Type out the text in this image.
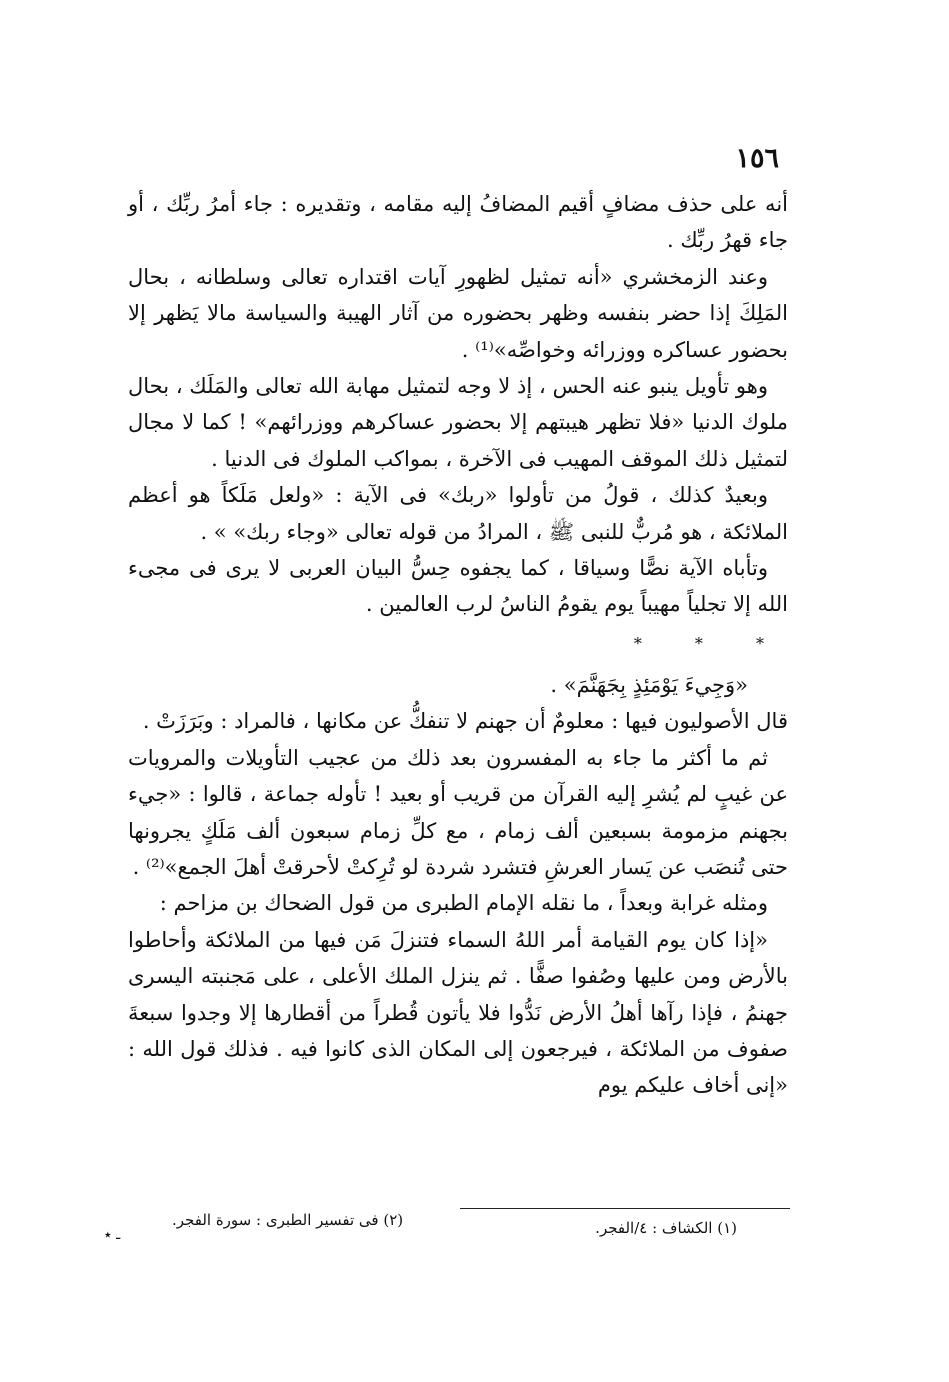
١٥٦

أنه على حذف مضافٍ أقيم المضافُ إليه مقامه ، وتقديره : جاء أمرُ ربِّك ، أو جاء قهرُ ربِّك .

وعند الزمخشري «أنه تمثيل لظهورِ آيات اقتداره تعالى وسلطانه ، بحال المَلِكَ إذا حضر بنفسه وظهر بحضوره من آثار الهيبة والسياسة مالا يَظهر إلا بحضور عساكره ووزرائه وخواصِّه»⁽¹⁾ .

وهو تأويل ينبو عنه الحس ، إذ لا وجه لتمثيل مهابة الله تعالى والمَلَك ، بحال ملوك الدنيا «فلا تظهر هيبتهم إلا بحضور عساكرهم ووزرائهم» ! كما لا مجال لتمثيل ذلك الموقف المهيب فى الآخرة ، بمواكب الملوك فى الدنيا .

وبعيدٌ كذلك ، قولُ من تأولوا «ربك» فى الآية : «ولعل مَلَكاً هو أعظم الملائكة ، هو مُربٌّ للنبى ﷺ ، المرادُ من قوله تعالى «وجاء ربك» » .

وتأباه الآية نصًّا وسياقا ، كما يجفوه حِسُّ البيان العربى لا يرى فى مجىء الله إلا تجلياً مهيباً يوم يقومُ الناسُ لرب العالمين .

* * *

«وَجِيءَ يَوْمَئِذٍ بِجَهَنَّمَ» .

قال الأصوليون فيها : معلومٌ أن جهنم لا تنفكُّ عن مكانها ، فالمراد : وبَرَزَتْ .

ثم ما أكثر ما جاء به المفسرون بعد ذلك من عجيب التأويلات والمرويات عن غيبٍ لم يُشرِ إليه القرآن من قريب أو بعيد ! تأوله جماعة ، قالوا : «جيء بجهنم مزمومة بسبعين ألف زمام ، مع كلِّ زمام سبعون ألف مَلَكٍ يجرونها حتى تُنصَب عن يَسار العرشِ فتشرد شردة لو تُرِكتْ لأحرقتْ أهلَ الجمع»⁽²⁾ .

ومثله غرابة وبعداً ، ما نقله الإمام الطبرى من قول الضحاك بن مزاحم :

«إذا كان يوم القيامة أمر اللهُ السماء فتنزلَ مَن فيها من الملائكة وأحاطوا بالأرض ومن عليها وصُفوا صفًّا . ثم ينزل الملك الأعلى ، على مَجنبته اليسرى جهنمُ ، فإذا رآها أهلُ الأرض نَدُّوا فلا يأتون قُطراً من أقطارها إلا وجدوا سبعةَ صفوف من الملائكة ، فيرجعون إلى المكان الذى كانوا فيه . فذلك قول الله : «إنى أخاف عليكم يوم

(١) الكشاف : ٤/الفجر.
(٢) فى تفسير الطبرى : سورة الفجر.
ـ ٭
